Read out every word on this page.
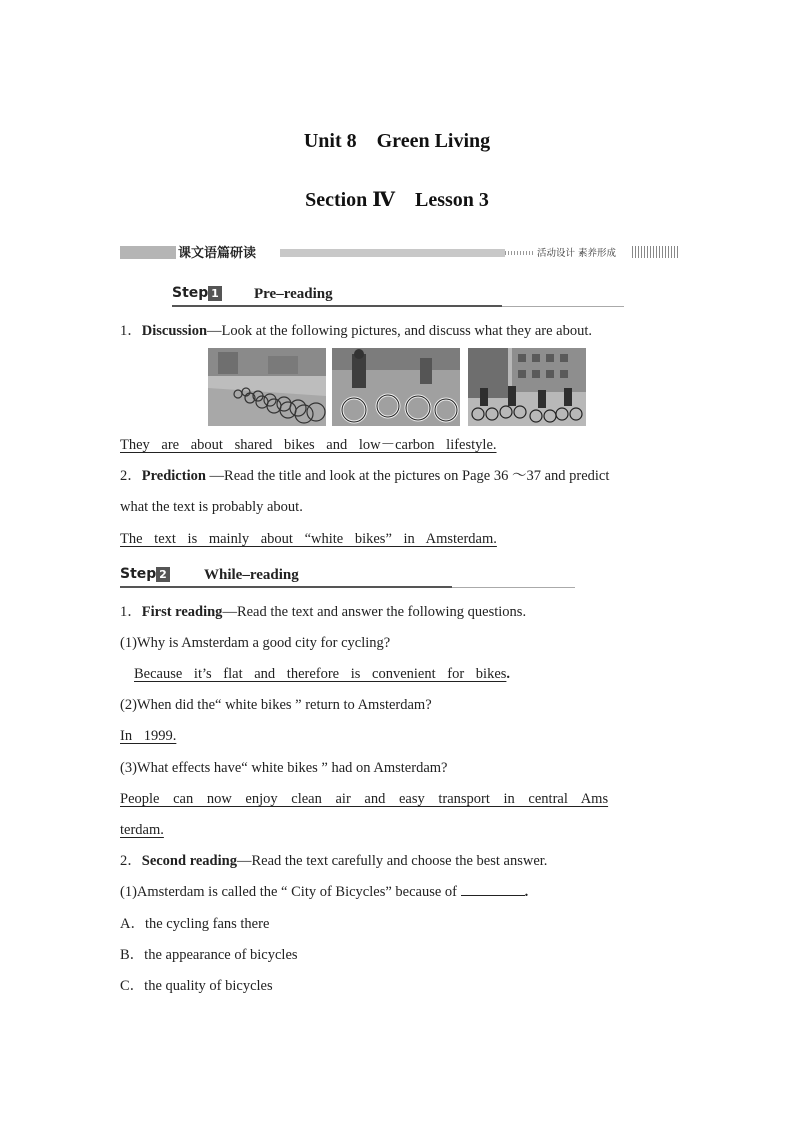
Unit 8　Green Living
Section Ⅳ　Lesson 3
课文语篇研读	活动设计 素养形成
Step 1 Pre–reading
1．Discussion—Look at the following pictures, and discuss what they are about.
They are about shared bikes and low－carbon lifestyle.
2．Prediction —Read the title and look at the pictures on Page 36 ～37 and predict
what the text is probably about.
The text is mainly about “white bikes” in Amsterdam.
Step 2 While–reading
1．First reading—Read the text and answer the following questions.
(1)Why is Amsterdam a good city for cycling?
Because it’s flat and therefore is convenient for bikes.
(2)When did the“ white bikes ” return to Amsterdam?
In 1999.
(3)What effects have“ white bikes ” had on Amsterdam?
People can now enjoy clean air and easy transport in central Ams
terdam.
2．Second reading—Read the text carefully and choose the best answer.
(1)Amsterdam is called the “ City of Bicycles” because of	.
A．the cycling fans there
B．the appearance of bicycles
C．the quality of bicycles
